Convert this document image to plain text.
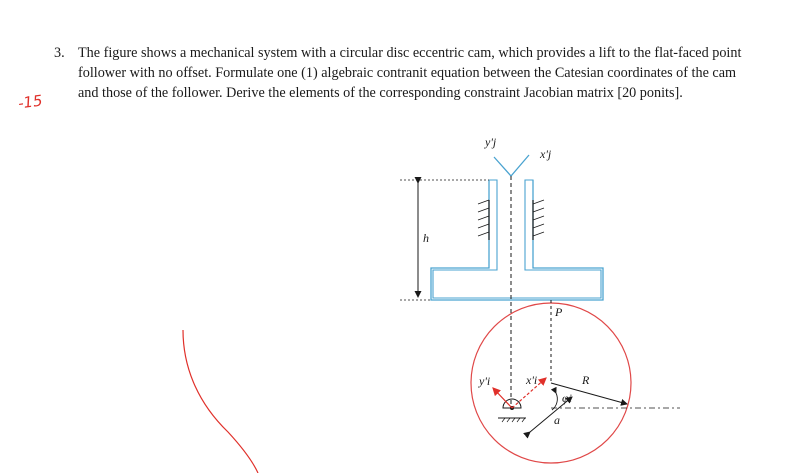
3. The figure shows a mechanical system with a circular disc eccentric cam, which provides a lift to the flat-faced point follower with no offset. Formulate one (1) algebraic contranit equation between the Catesian coordinates of the cam and those of the follower. Derive the elements of the corresponding constraint Jacobian matrix [20 ponits].
-15
y'j
x'j
h
P
y'i	x'i
φi
R
a
